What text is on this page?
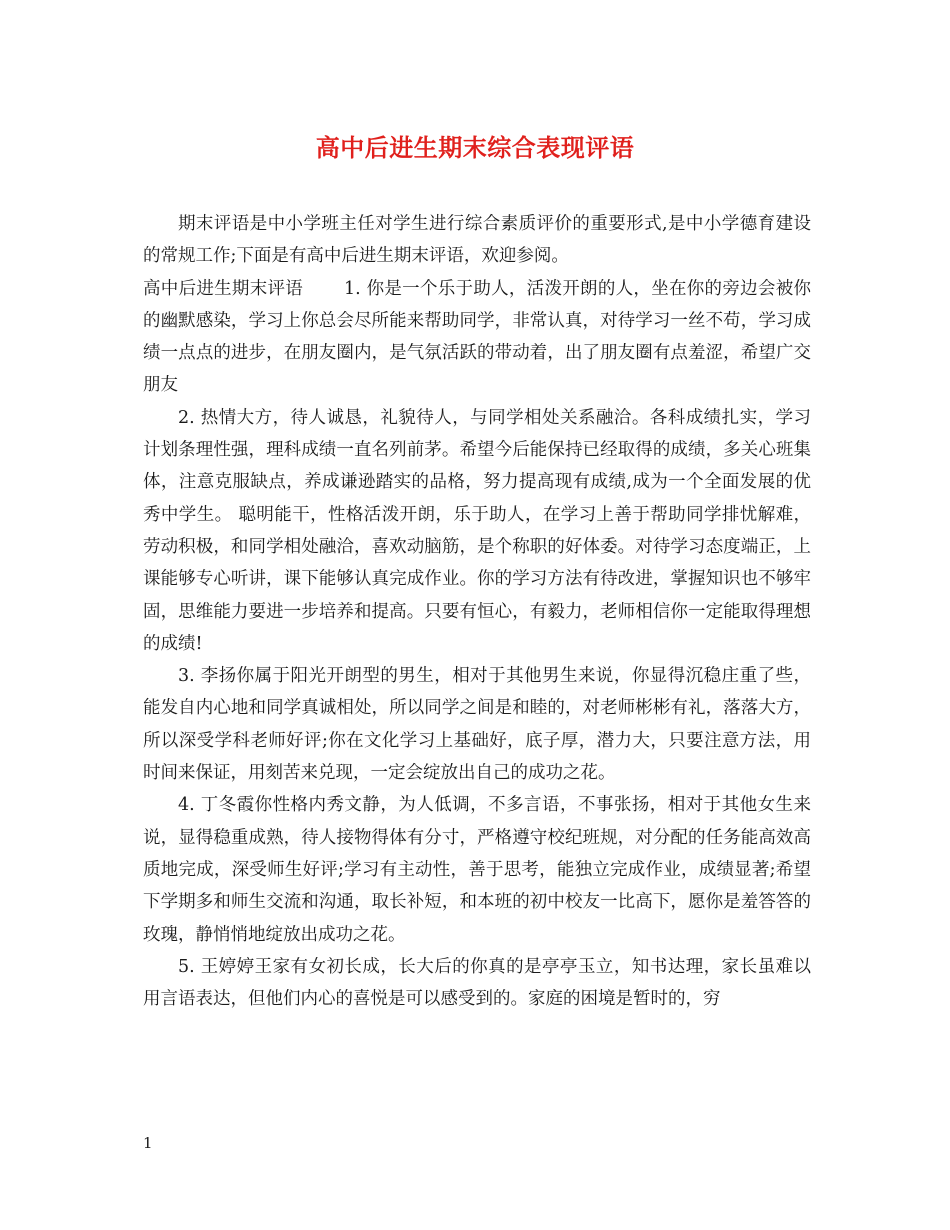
高中后进生期末综合表现评语

期末评语是中小学班主任对学生进行综合素质评价的重要形式,是中小学德育建设的常规工作;下面是有高中后进生期末评语，欢迎参阅。

高中后进生期末评语 1. 你是一个乐于助人，活泼开朗的人，坐在你的旁边会被你的幽默感染，学习上你总会尽所能来帮助同学，非常认真，对待学习一丝不苟，学习成绩一点点的进步，在朋友圈内，是气氛活跃的带动着，出了朋友圈有点羞涩，希望广交朋友

2. 热情大方，待人诚恳，礼貌待人，与同学相处关系融洽。各科成绩扎实，学习计划条理性强，理科成绩一直名列前茅。希望今后能保持已经取得的成绩，多关心班集体，注意克服缺点，养成谦逊踏实的品格，努力提高现有成绩,成为一个全面发展的优秀中学生。 聪明能干，性格活泼开朗，乐于助人，在学习上善于帮助同学排忧解难，劳动积极，和同学相处融洽，喜欢动脑筋，是个称职的好体委。对待学习态度端正，上课能够专心听讲，课下能够认真完成作业。你的学习方法有待改进，掌握知识也不够牢固，思维能力要进一步培养和提高。只要有恒心，有毅力，老师相信你一定能取得理想的成绩!

3. 李扬你属于阳光开朗型的男生，相对于其他男生来说，你显得沉稳庄重了些，能发自内心地和同学真诚相处，所以同学之间是和睦的，对老师彬彬有礼，落落大方，所以深受学科老师好评;你在文化学习上基础好，底子厚，潜力大，只要注意方法，用时间来保证，用刻苦来兑现，一定会绽放出自己的成功之花。

4. 丁冬霞你性格内秀文静，为人低调，不多言语，不事张扬，相对于其他女生来说，显得稳重成熟，待人接物得体有分寸，严格遵守校纪班规，对分配的任务能高效高质地完成，深受师生好评;学习有主动性，善于思考，能独立完成作业，成绩显著;希望下学期多和师生交流和沟通，取长补短，和本班的初中校友一比高下，愿你是羞答答的玫瑰，静悄悄地绽放出成功之花。

5. 王婷婷王家有女初长成，长大后的你真的是亭亭玉立，知书达理，家长虽难以用言语表达，但他们内心的喜悦是可以感受到的。家庭的困境是暂时的，穷

1
